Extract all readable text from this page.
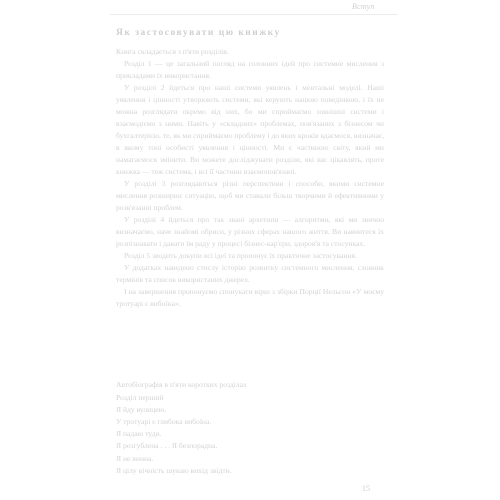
Вступ
Як застосовувати цю книжку

Книга складається з п'яти розділів.

Розділ 1 — це загальний погляд на головних ідей про системне мислення з прикладами їх використання.

У розділі 2 йдеться про нашi системи уявлень і ментальні моделі. Наші уявлення і цінності утворюють системи, які керують нашою поведінкою, і їх не можна розглядати окремо від них, бо ми сприймаємо зовнішні системи і взаємодіємо з ними. Навіть у «складних» проблемах, пов'язаних з бізнесом чи бухгалтерією, те, як ми сприймаємо проблему і до яких кроків вдаємося, визначає, в якому тоні особисті уявлення і цінності. Ми є частиною світу, який ми намагаємося змінити. Ви можете досліджувати розділи, які вас цікавлять, проте книжка — теж система, і всі її частини взаємопов'язані.

У розділі 3 розглядаються різні перспективи і способи, якими системне мислення розширює ситуацію, щоб ми ставали більш творчими й ефективними у розв'язанні проблем.

У розділі 4 йдеться про так звані архетипи — алгоритми, які ми звично визначаємо, наче знайомі обриси, у різних сферах нашого життя. Ви навчитеся їх розпізнавати і давати їм раду у процесі бізнес-кар'єри, здоров'я та стосунках.

Розділ 5 зводить докупи всі ідеї та пропонує їх практичне застосування.

У додатках наведено стислу історію розвитку системного мислення, словник термінів та список використаних джерел.

І на завершення пропонуємо спонукати вірш з збірки Порції Нельсон «У моєму тротуарі є вибоїна».

Автобіографія в п'яти коротких розділах
Розділ перший
Я йду вулицею.
У тротуарі є глибока вибоїна.
Я падаю туди.
Я розгублена . . . Я безпорадна.
Я не винна.
Я цілу вічність шукаю вихід звідти.
15
